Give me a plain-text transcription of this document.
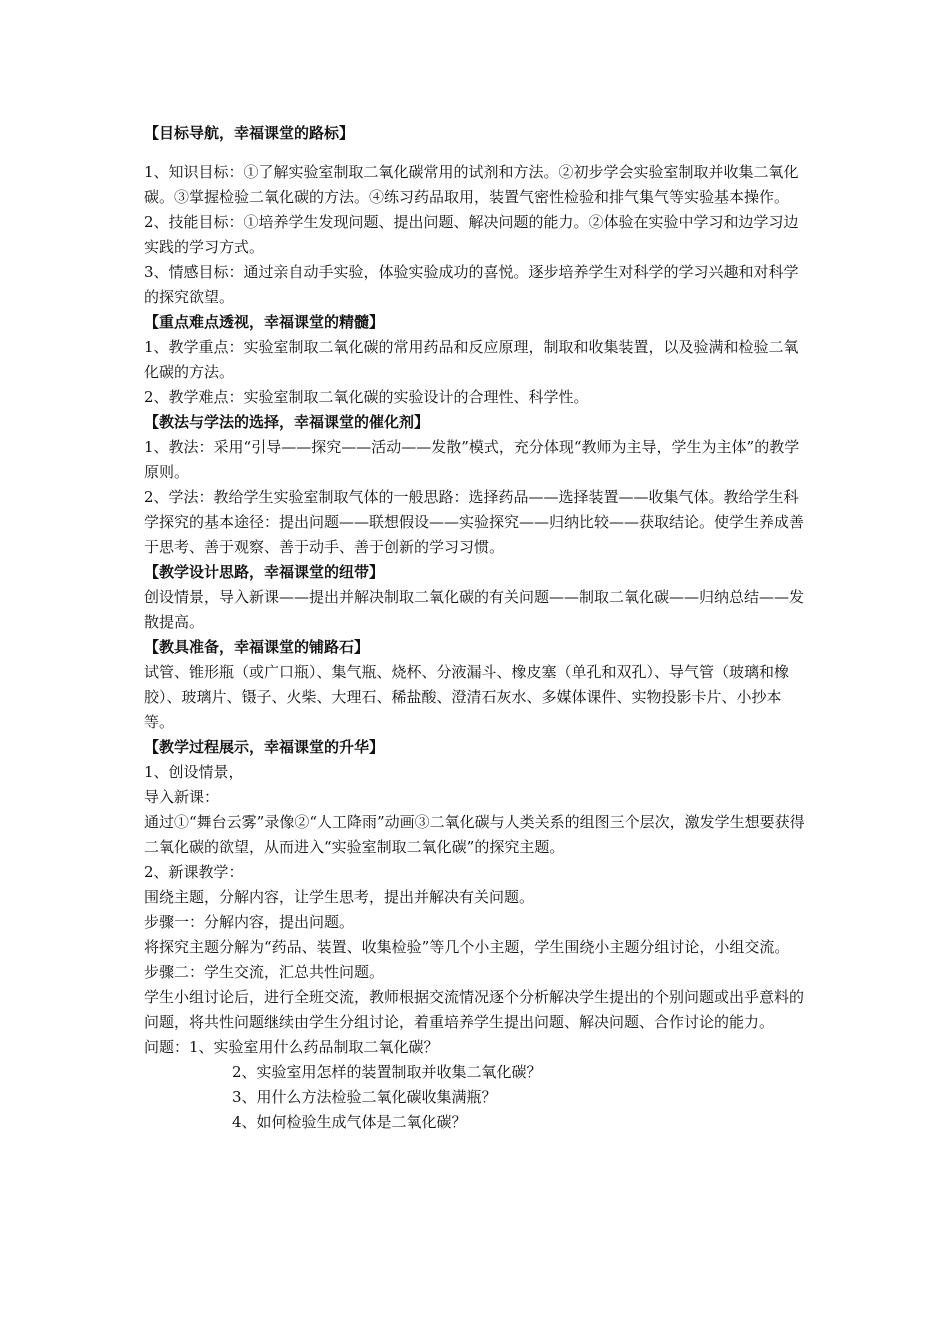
【目标导航，幸福课堂的路标】

1、知识目标：①了解实验室制取二氧化碳常用的试剂和方法。②初步学会实验室制取并收集二氧化碳。③掌握检验二氧化碳的方法。④练习药品取用，装置气密性检验和排气集气等实验基本操作。

2、技能目标：①培养学生发现问题、提出问题、解决问题的能力。②体验在实验中学习和边学习边实践的学习方式。

3、情感目标：通过亲自动手实验，体验实验成功的喜悦。逐步培养学生对科学的学习兴趣和对科学的探究欲望。

【重点难点透视，幸福课堂的精髓】

1、教学重点：实验室制取二氧化碳的常用药品和反应原理，制取和收集装置，以及验满和检验二氧化碳的方法。

2、教学难点：实验室制取二氧化碳的实验设计的合理性、科学性。

【教法与学法的选择，幸福课堂的催化剂】

1、教法：采用“引导——探究——活动——发散”模式，充分体现“教师为主导，学生为主体”的教学原则。

2、学法：教给学生实验室制取气体的一般思路：选择药品——选择装置——收集气体。教给学生科学探究的基本途径：提出问题——联想假设——实验探究——归纳比较——获取结论。使学生养成善于思考、善于观察、善于动手、善于创新的学习习惯。

【教学设计思路，幸福课堂的纽带】

创设情景，导入新课——提出并解决制取二氧化碳的有关问题——制取二氧化碳——归纳总结——发散提高。

【教具准备，幸福课堂的铺路石】

试管、锥形瓶（或广口瓶）、集气瓶、烧杯、分液漏斗、橡皮塞（单孔和双孔）、导气管（玻璃和橡胶）、玻璃片、镊子、火柴、大理石、稀盐酸、澄清石灰水、多媒体课件、实物投影卡片、小抄本等。

【教学过程展示，幸福课堂的升华】

1、创设情景，

导入新课：

通过①“舞台云雾”录像②“人工降雨”动画③二氧化碳与人类关系的组图三个层次，激发学生想要获得二氧化碳的欲望，从而进入“实验室制取二氧化碳”的探究主题。

2、新课教学：

围绕主题，分解内容，让学生思考，提出并解决有关问题。

步骤一：分解内容，提出问题。

将探究主题分解为“药品、装置、收集检验”等几个小主题，学生围绕小主题分组讨论，小组交流。

步骤二：学生交流，汇总共性问题。

学生小组讨论后，进行全班交流，教师根据交流情况逐个分析解决学生提出的个别问题或出乎意料的问题，将共性问题继续由学生分组讨论，着重培养学生提出问题、解决问题、合作讨论的能力。

问题：1、实验室用什么药品制取二氧化碳？

2、实验室用怎样的装置制取并收集二氧化碳？

3、用什么方法检验二氧化碳收集满瓶？

4、如何检验生成气体是二氧化碳？
